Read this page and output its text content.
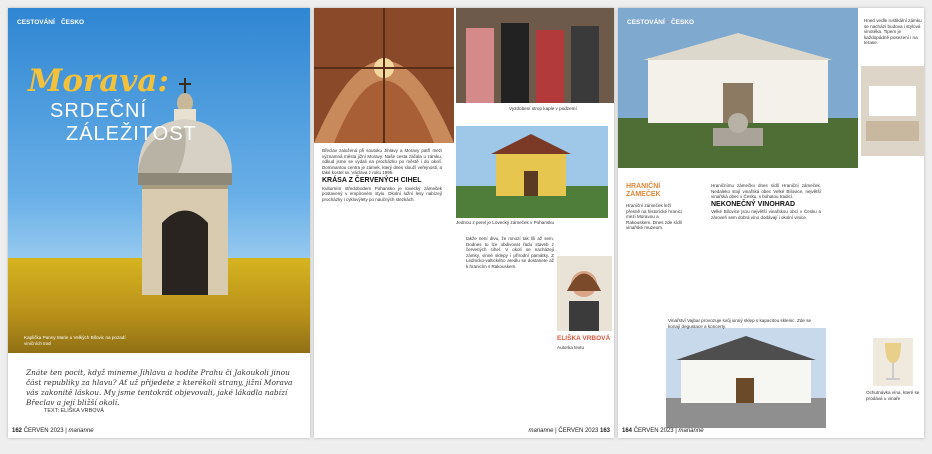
CESTOVÁNÍ · ČESKO
Morava:
SRDEČNÍ
ZÁLEŽITOST
Kaplička Panny Marie u Velkých Bílovic na pozadí viničních tratí
Znáte ten pocit, když mineте Jihlavu a hodíte Prahu či Jakoukoli jinou část republiky za hlavu? Ať už přijedete z kterékoli strany, jižní Morava vás zakonitě láskou. My jsme tentokrát objevovali, jaké lákadla nabízí Břeclav a její bližší okolí.
TEXT: ELIŠKA VRBOVÁ
162 ČERVEN 2023 | marianne
Vyzdobení strop kaple v podzemí
Jednou z perel je Lovecký zámeček v Pohansku
Břeclav založená při soutoku Jihlavy a Moravy patří mezi významná města jižní Moravy. Naše cesta začala u zámku, odkud jsme se vydali na procházku po městě i do okolí. Dominantou centra je zámek, který dnes slouží veřejnosti, a také kostel sv. Václava z roku 1995.
KRÁSA Z ČERVENÝCH CIHEL
Kulturním středobodem Pohansko je lovecký zámeček postavený v empírovém stylu. Okolní lužní lesy nabízejí procházky i cyklovýlety po naučných stezkách.
takže není divu, že mnozí tak šli až sem. Dodnes tu lze obdivovat řadu staveb z červených cihel. V okolí se nacházejí zámky, vinné sklepy i přírodní památky. Z Lednicko-valtického areálu se dostanete až k hranicím s Rakouskem.
ELIŠKA VRBOVÁ
Autorka textu
marianne | ČERVEN 2023 163
CESTOVÁNÍ · ČESKO	Hned vedle rustikální zámku se nachází budova i stylová vinotéka. Tipem je každopádně posezení i na terase.
HRANIČNÍ ZÁMEČEK
Hraniční zámeček leží přesně na historické hranici mezi Moravou a Rakouskem. Dnes zde sídlí vinařské muzeum.
Hraničnímu zámečku dnes sídlí Hraniční zámeček. Nedaleko stojí vinařská obec Velké Bílovice, největší vinařská obec v Česku, s bohatou tradicí.
NEKONEČNÝ VINOHRAD
Velké Bílovice jsou největší vinařskou obcí v Česku a zároveň sem dobrá víno dodávají i okolní vinice.
Vinařství Vajbar provozuje svůj vinný sklep s kapacitou sklenic. Zde se konají degustace a koncerty.
Ochutnávka vína, které se prodává u vinaře
164 ČERVEN 2023 | marianne
